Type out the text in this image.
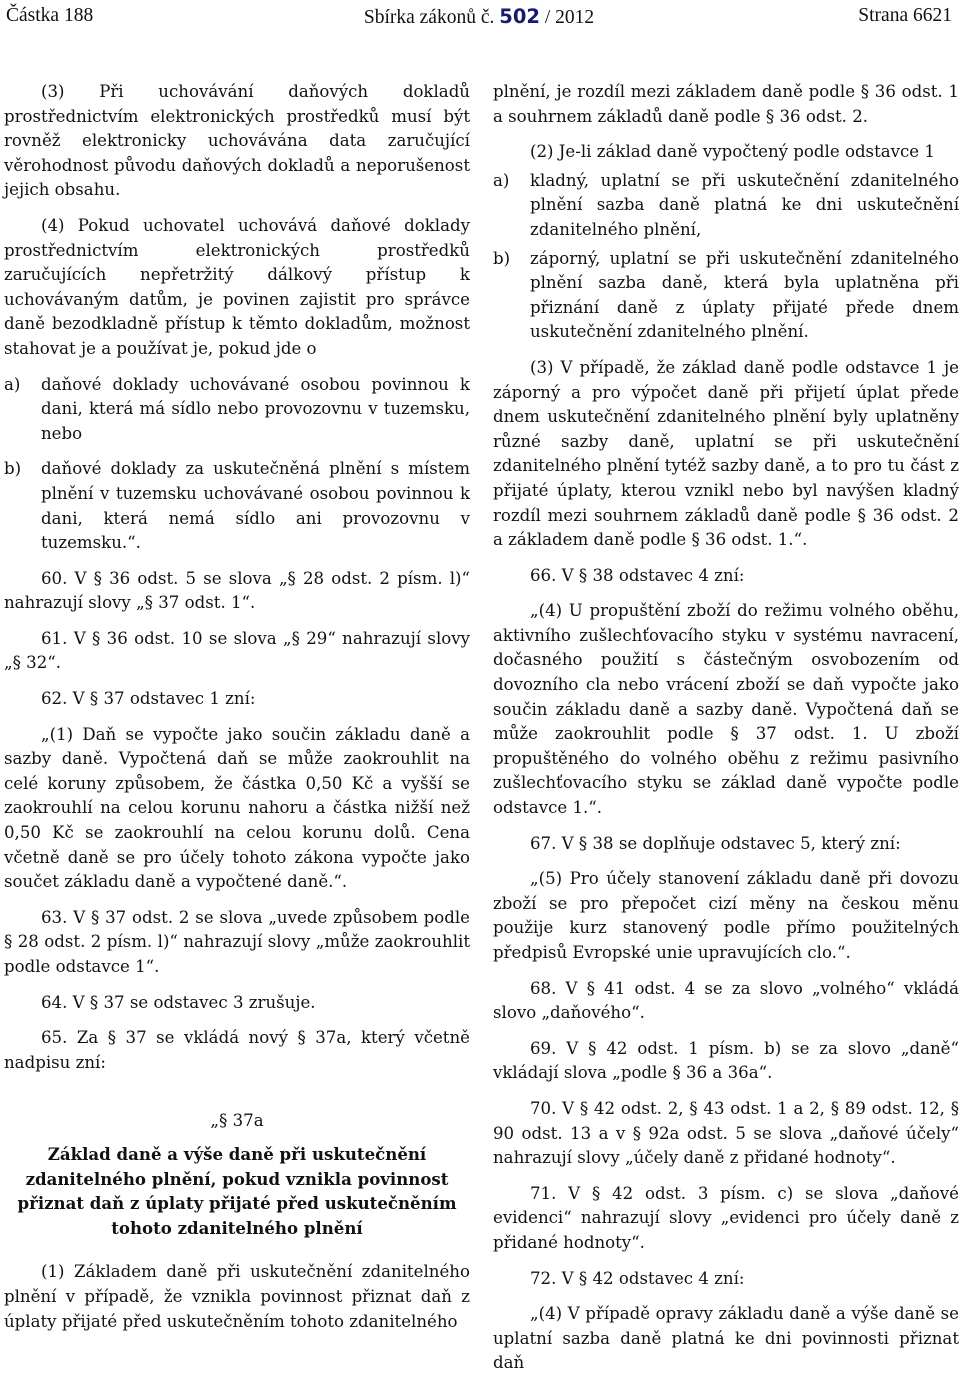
Částka 188	Sbírka zákonů č. 502 / 2012	Strana 6621

(3) Při uchovávání daňových dokladů prostřednictvím elektronických prostředků musí být rovněž elektronicky uchovávána data zaručující věrohodnost původu daňových dokladů a neporušenost jejich obsahu.

(4) Pokud uchovatel uchovává daňové doklady prostřednictvím elektronických prostředků zaručujících nepřetržitý dálkový přístup k uchovávaným datům, je povinen zajistit pro správce daně bezodkladně přístup k těmto dokladům, možnost stahovat je a používat je, pokud jde o

a)	daňové doklady uchovávané osobou povinnou k dani, která má sídlo nebo provozovnu v tuzemsku, nebo
b)	daňové doklady za uskutečněná plnění s místem plnění v tuzemsku uchovávané osobou povinnou k dani, která nemá sídlo ani provozovnu v tuzemsku.“.

60. V § 36 odst. 5 se slova „§ 28 odst. 2 písm. l)“ nahrazují slovy „§ 37 odst. 1“.

61. V § 36 odst. 10 se slova „§ 29“ nahrazují slovy „§ 32“.

62. V § 37 odstavec 1 zní:

„(1) Daň se vypočte jako součin základu daně a sazby daně. Vypočtená daň se může zaokrouhlit na celé koruny způsobem, že částka 0,50 Kč a vyšší se zaokrouhlí na celou korunu nahoru a částka nižší než 0,50 Kč se zaokrouhlí na celou korunu dolů. Cena včetně daně se pro účely tohoto zákona vypočte jako součet základu daně a vypočtené daně.“.

63. V § 37 odst. 2 se slova „uvede způsobem podle § 28 odst. 2 písm. l)“ nahrazují slovy „může zaokrouhlit podle odstavce 1“.

64. V § 37 se odstavec 3 zrušuje.

65. Za § 37 se vkládá nový § 37a, který včetně nadpisu zní:

„§ 37a

Základ daně a výše daně při uskutečnění zdanitelného plnění, pokud vznikla povinnost přiznat daň z úplaty přijaté před uskutečněním tohoto zdanitelného plnění

(1) Základem daně při uskutečnění zdanitelného plnění v případě, že vznikla povinnost přiznat daň z úplaty přijaté před uskutečněním tohoto zdanitelného

plnění, je rozdíl mezi základem daně podle § 36 odst. 1 a souhrnem základů daně podle § 36 odst. 2.

(2) Je-li základ daně vypočtený podle odstavce 1

a)	kladný, uplatní se při uskutečnění zdanitelného plnění sazba daně platná ke dni uskutečnění zdanitelného plnění,
b)	záporný, uplatní se při uskutečnění zdanitelného plnění sazba daně, která byla uplatněna při přiznání daně z úplaty přijaté přede dnem uskutečnění zdanitelného plnění.

(3) V případě, že základ daně podle odstavce 1 je záporný a pro výpočet daně při přijetí úplat přede dnem uskutečnění zdanitelného plnění byly uplatněny různé sazby daně, uplatní se při uskutečnění zdanitelného plnění tytéž sazby daně, a to pro tu část z přijaté úplaty, kterou vznikl nebo byl navýšen kladný rozdíl mezi souhrnem základů daně podle § 36 odst. 2 a základem daně podle § 36 odst. 1.“.

66. V § 38 odstavec 4 zní:

„(4) U propuštění zboží do režimu volného oběhu, aktivního zušlechťovacího styku v systému navracení, dočasného použití s částečným osvobozením od dovozního cla nebo vrácení zboží se daň vypočte jako součin základu daně a sazby daně. Vypočtená daň se může zaokrouhlit podle § 37 odst. 1. U zboží propuštěného do volného oběhu z režimu pasivního zušlechťovacího styku se základ daně vypočte podle odstavce 1.“.

67. V § 38 se doplňuje odstavec 5, který zní:

„(5) Pro účely stanovení základu daně při dovozu zboží se pro přepočet cizí měny na českou měnu použije kurz stanovený podle přímo použitelných předpisů Evropské unie upravujících clo.“.

68. V § 41 odst. 4 se za slovo „volného“ vkládá slovo „daňového“.

69. V § 42 odst. 1 písm. b) se za slovo „daně“ vkládají slova „podle § 36 a 36a“.

70. V § 42 odst. 2, § 43 odst. 1 a 2, § 89 odst. 12, § 90 odst. 13 a v § 92a odst. 5 se slova „daňové účely“ nahrazují slovy „účely daně z přidané hodnoty“.

71. V § 42 odst. 3 písm. c) se slova „daňové evidenci“ nahrazují slovy „evidenci pro účely daně z přidané hodnoty“.

72. V § 42 odstavec 4 zní:

„(4) V případě opravy základu daně a výše daně se uplatní sazba daně platná ke dni povinnosti přiznat daň
